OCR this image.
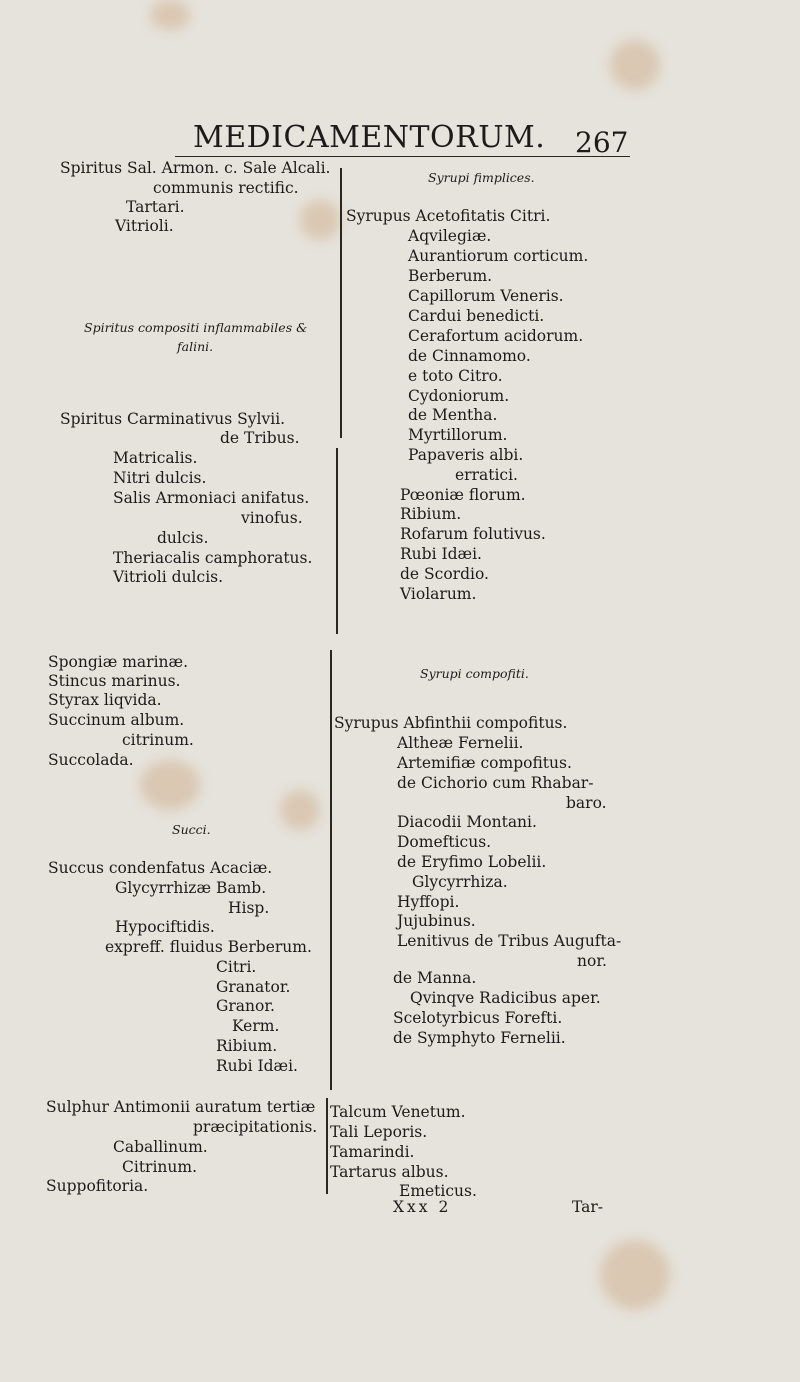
MEDICAMENTORUM. 267
Spiritus Sal. Armon. c. Sale Alcali.
communis rectific.
Tartari.
Vitrioli.
Spiritus compositi inflammabiles &
falini.
Spiritus Carminativus Sylvii.
de Tribus.
Matricalis.
Nitri dulcis.
Salis Armoniaci anifatus.
vinofus.
dulcis.
Theriacalis camphoratus.
Vitrioli dulcis.
Spongiæ marinæ.
Stincus marinus.
Styrax liqvida.
Succinum album.
citrinum.
Succolada.
Succi.
Succus condenfatus Acaciæ.
Glycyrrhizæ Bamb.
Hisp.
Hypociftidis.
expreff. fluidus Berberum.
Citri.
Granator.
Granor.
Kerm.
Ribium.
Rubi Idæi.
Sulphur Antimonii auratum tertiæ
præcipitationis.
Caballinum.
Citrinum.
Suppofitoria.
Syrupi fimplices.
Syrupus Acetofitatis Citri.
Aqvilegiæ.
Aurantiorum corticum.
Berberum.
Capillorum Veneris.
Cardui benedicti.
Cerafortum acidorum.
de Cinnamomo.
e toto Citro.
Cydoniorum.
de Mentha.
Myrtillorum.
Papaveris albi.
erratici.
Pœoniæ florum.
Ribium.
Rofarum folutivus.
Rubi Idæi.
de Scordio.
Violarum.
Syrupi compofiti.
Syrupus Abfinthii compofitus.
Altheæ Fernelii.
Artemifiæ compofitus.
de Cichorio cum Rhabar-
baro.
Diacodii Montani.
Domefticus.
de Eryfimo Lobelii.
Glycyrrhiza.
Hyffopi.
Jujubinus.
Lenitivus de Tribus Augufta-
nor.
de Manna.
Qvinqve Radicibus aper.
Scelotyrbicus Forefti.
de Symphyto Fernelii.
Talcum Venetum.
Tali Leporis.
Tamarindi.
Tartarus albus.
Emeticus.
Xxx 2	Tar-
